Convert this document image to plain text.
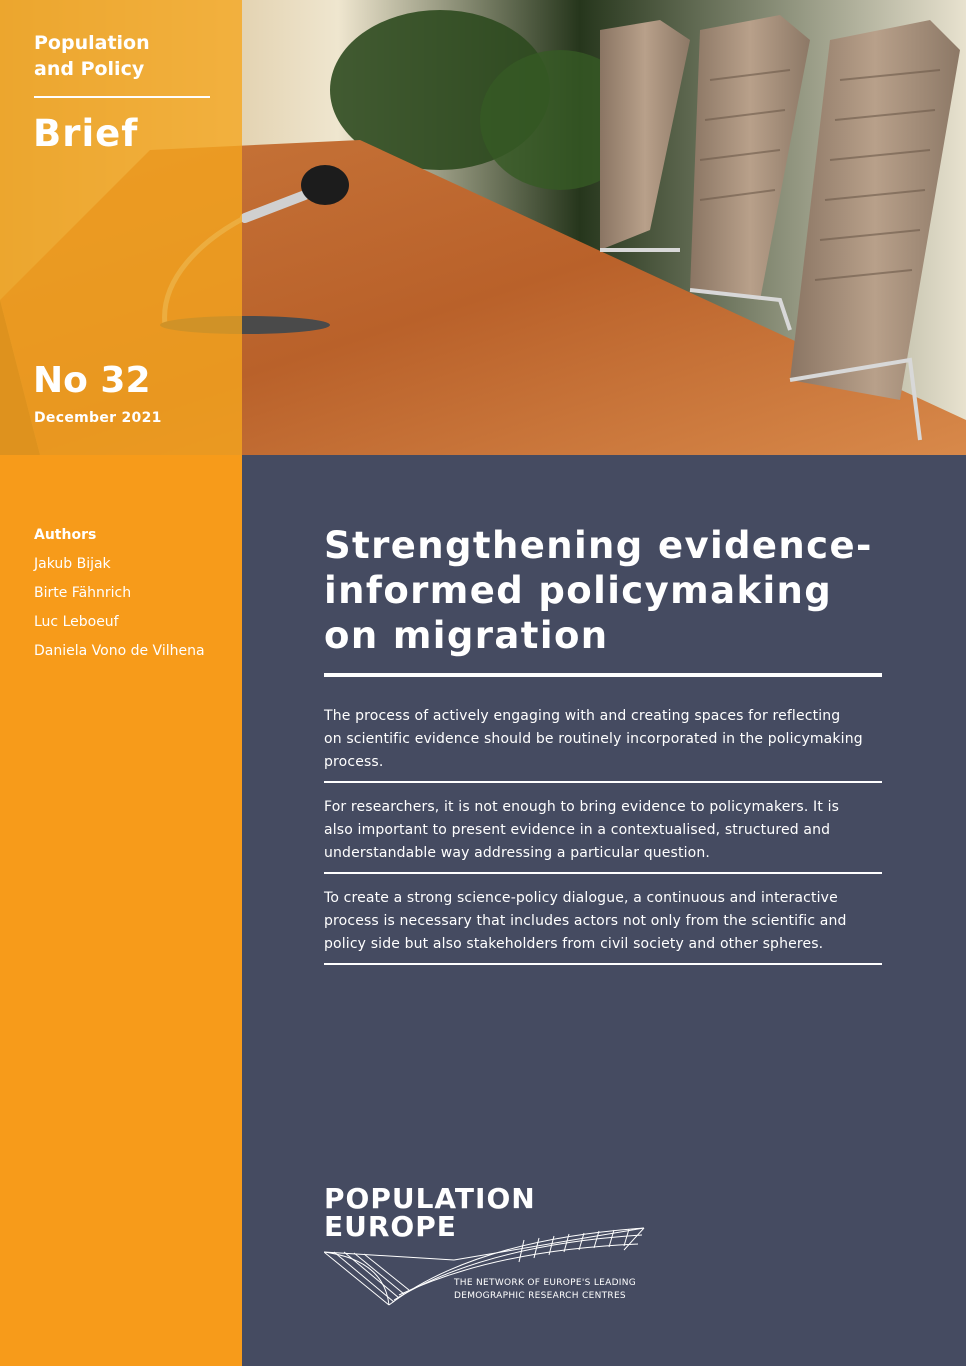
Population
and Policy
Brief
No 32
December 2021
Authors
Jakub Bijak
Birte Fähnrich
Luc Leboeuf
Daniela Vono de Vilhena
Strengthening evidence-
informed policymaking
on migration
The process of actively engaging with and creating spaces for reflecting
on scientific evidence should be routinely incorporated in the policymaking
process.
For researchers, it is not enough to bring evidence to policymakers. It is
also important to present evidence in a contextualised, structured and
understandable way addressing a particular question.
To create a strong science-policy dialogue, a continuous and interactive
process is necessary that includes actors not only from the scientific and
policy side but also stakeholders from civil society and other spheres.
POPULATION
EUROPE
THE NETWORK OF EUROPE'S LEADING
DEMOGRAPHIC RESEARCH CENTRES
